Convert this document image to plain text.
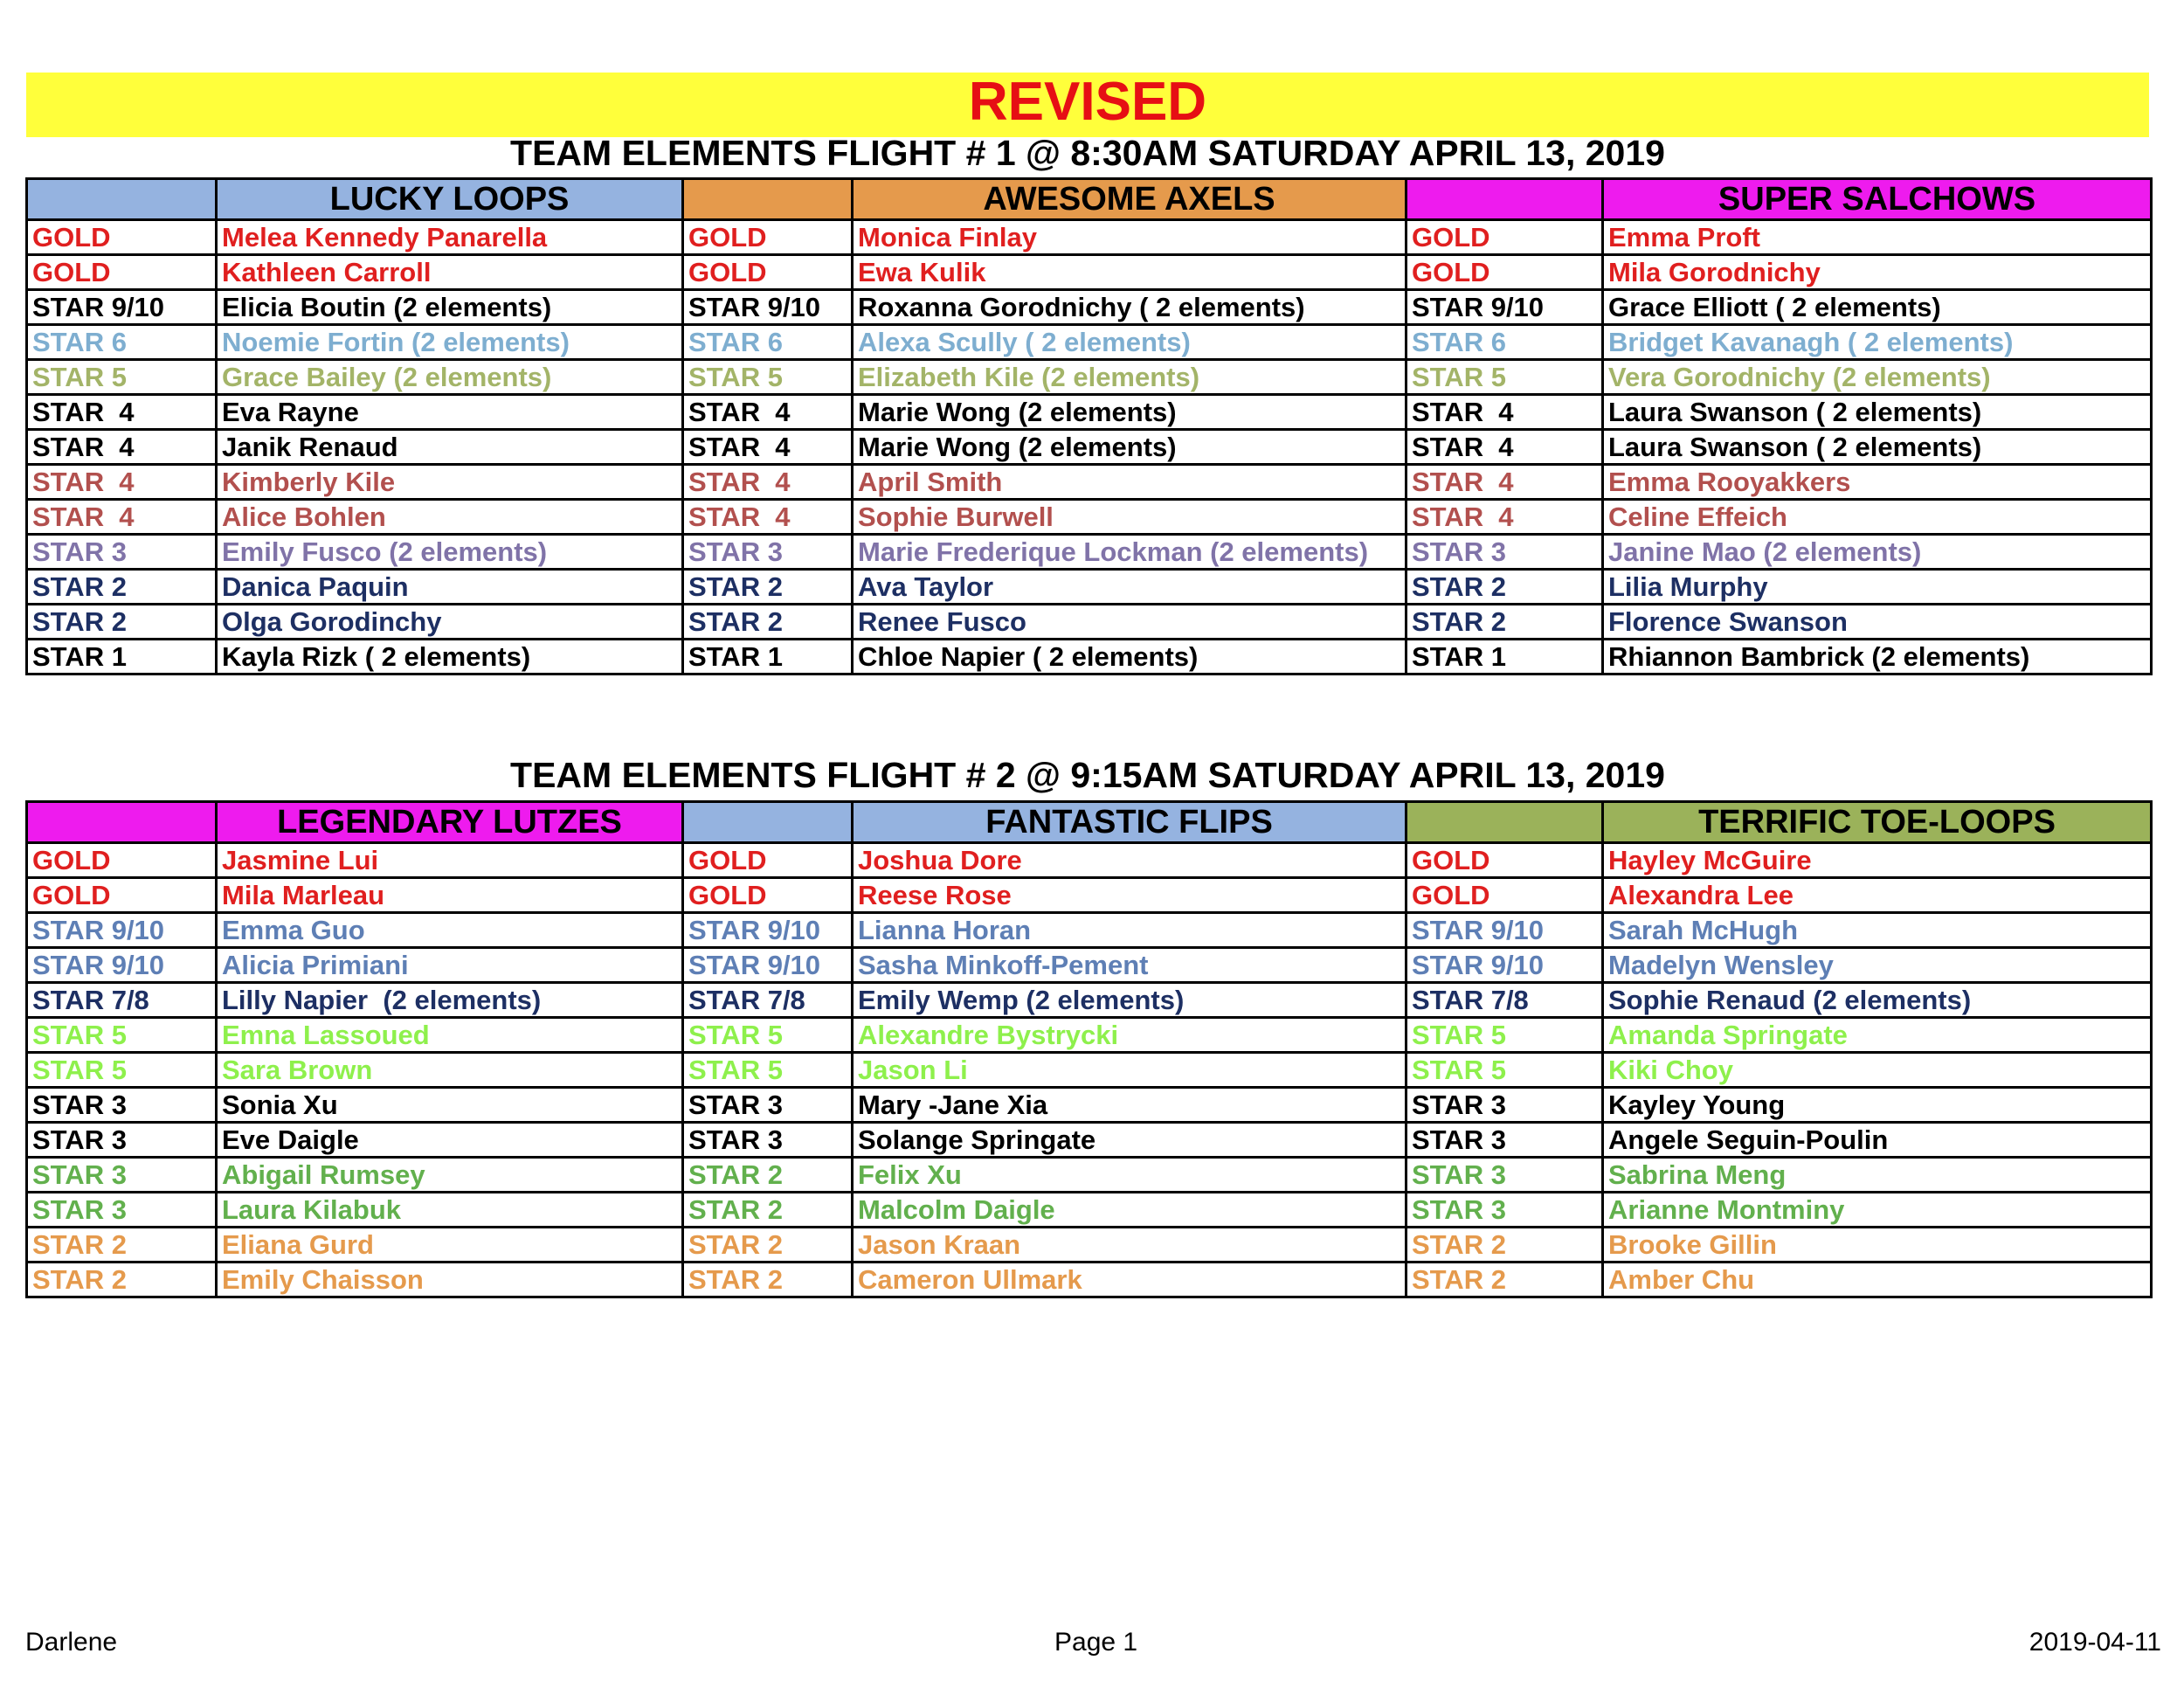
REVISED
TEAM ELEMENTS FLIGHT # 1 @ 8:30AM SATURDAY APRIL 13, 2019
	LUCKY LOOPS		AWESOME AXELS		SUPER SALCHOWS
GOLD	Melea Kennedy Panarella	GOLD	Monica Finlay	GOLD	Emma Proft
GOLD	Kathleen Carroll	GOLD	Ewa Kulik	GOLD	Mila Gorodnichy
STAR 9/10	Elicia Boutin (2 elements)	STAR 9/10	Roxanna Gorodnichy ( 2 elements)	STAR 9/10	Grace Elliott ( 2 elements)
STAR 6	Noemie Fortin (2 elements)	STAR 6	Alexa Scully ( 2 elements)	STAR 6	Bridget Kavanagh ( 2 elements)
STAR 5	Grace Bailey (2 elements)	STAR 5	Elizabeth Kile (2 elements)	STAR 5	Vera Gorodnichy (2 elements)
STAR  4	Eva Rayne	STAR  4	Marie Wong (2 elements)	STAR  4	Laura Swanson ( 2 elements)
STAR  4	Janik Renaud	STAR  4	Marie Wong (2 elements)	STAR  4	Laura Swanson ( 2 elements)
STAR  4	Kimberly Kile	STAR  4	April Smith	STAR  4	Emma Rooyakkers
STAR  4	Alice Bohlen	STAR  4	Sophie Burwell	STAR  4	Celine Effeich
STAR 3	Emily Fusco (2 elements)	STAR 3	Marie Frederique Lockman (2 elements)	STAR 3	Janine Mao (2 elements)
STAR 2	Danica Paquin	STAR 2	Ava Taylor	STAR 2	Lilia Murphy
STAR 2	Olga Gorodinchy	STAR 2	Renee Fusco	STAR 2	Florence Swanson
STAR 1	Kayla Rizk ( 2 elements)	STAR 1	Chloe Napier ( 2 elements)	STAR 1	Rhiannon Bambrick (2 elements)
TEAM ELEMENTS FLIGHT # 2 @ 9:15AM SATURDAY APRIL 13, 2019
	LEGENDARY LUTZES		FANTASTIC FLIPS		TERRIFIC TOE-LOOPS
GOLD	Jasmine Lui	GOLD	Joshua Dore	GOLD	Hayley McGuire
GOLD	Mila Marleau	GOLD	Reese Rose	GOLD	Alexandra Lee
STAR 9/10	Emma Guo	STAR 9/10	Lianna Horan	STAR 9/10	Sarah McHugh
STAR 9/10	Alicia Primiani	STAR 9/10	Sasha Minkoff-Pement	STAR 9/10	Madelyn Wensley
STAR 7/8	Lilly Napier  (2 elements)	STAR 7/8	Emily Wemp (2 elements)	STAR 7/8	Sophie Renaud (2 elements)
STAR 5	Emna Lassoued	STAR 5	Alexandre Bystrycki	STAR 5	Amanda Springate
STAR 5	Sara Brown	STAR 5	Jason Li	STAR 5	Kiki Choy
STAR 3	Sonia Xu	STAR 3	Mary -Jane Xia	STAR 3	Kayley Young
STAR 3	Eve Daigle	STAR 3	Solange Springate	STAR 3	Angele Seguin-Poulin
STAR 3	Abigail Rumsey	STAR 2	Felix Xu	STAR 3	Sabrina Meng
STAR 3	Laura Kilabuk	STAR 2	Malcolm Daigle	STAR 3	Arianne Montminy
STAR 2	Eliana Gurd	STAR 2	Jason Kraan	STAR 2	Brooke Gillin
STAR 2	Emily Chaisson	STAR 2	Cameron Ullmark	STAR 2	Amber Chu
Darlene	Page 1	2019-04-11
